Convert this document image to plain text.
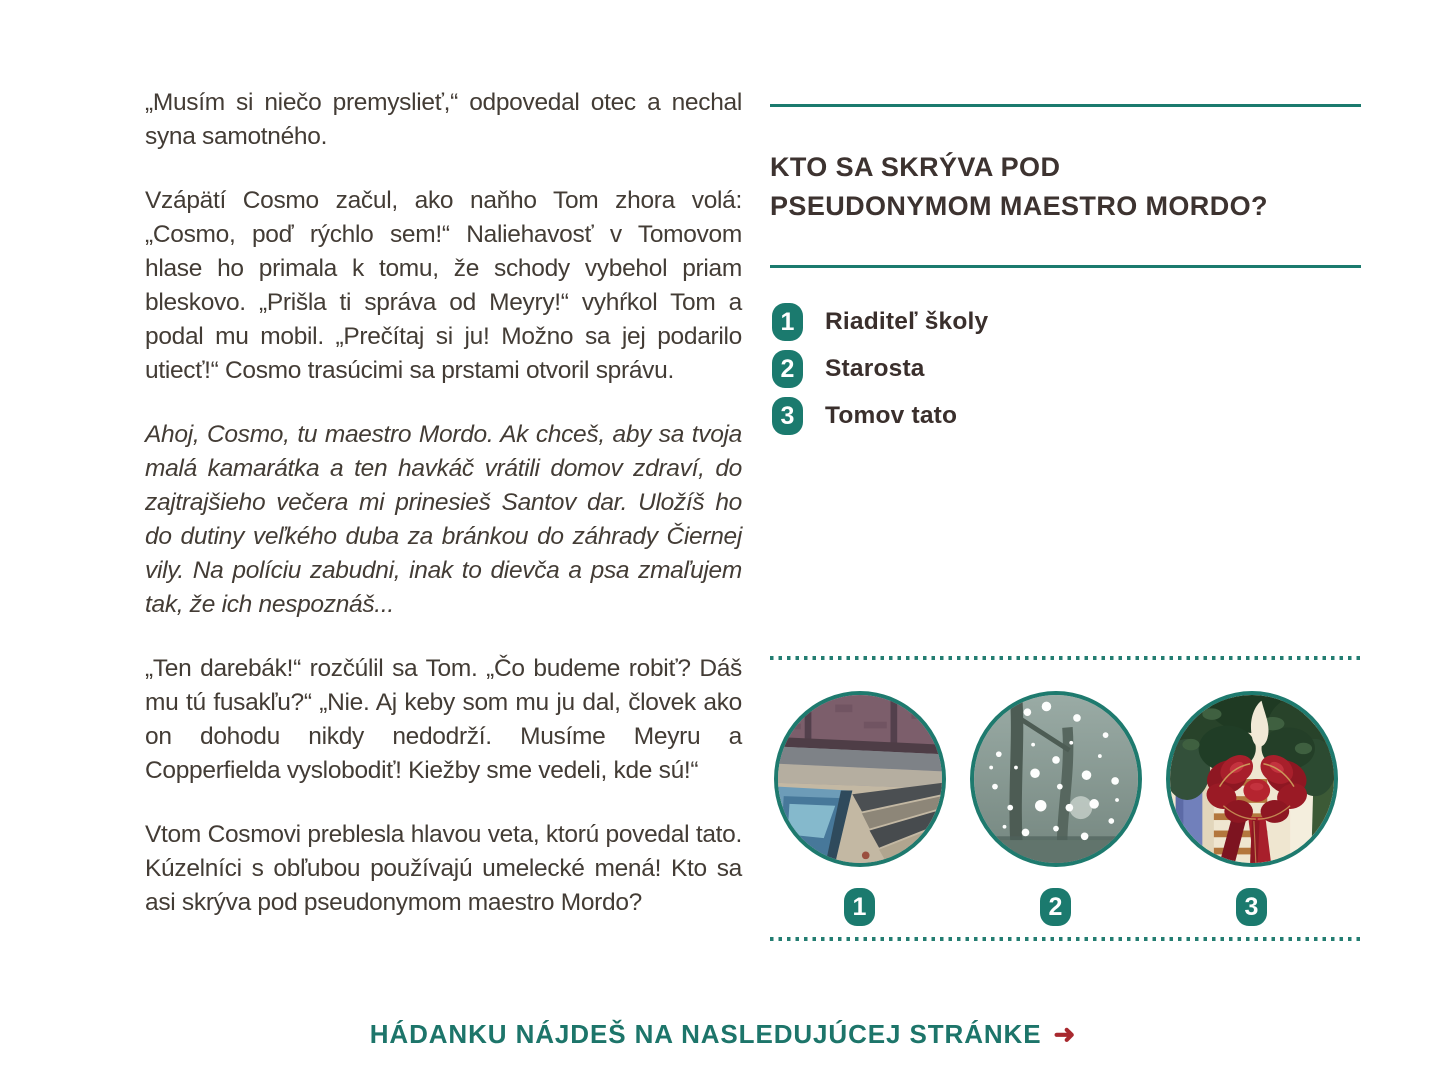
„Musím si niečo premyslieť,“ odpovedal otec a nechal syna samotného.

Vzápätí Cosmo začul, ako naňho Tom zhora volá: „Cosmo, poď rýchlo sem!“ Naliehavosť v Tomovom hlase ho primala k tomu, že schody vybehol priam bleskovo. „Prišla ti správa od Meyry!“ vyhŕkol Tom a podal mu mobil. „Prečítaj si ju! Možno sa jej podarilo utiecť!“ Cosmo trasúcimi sa prstami otvoril správu.

Ahoj, Cosmo, tu maestro Mordo. Ak chceš, aby sa tvoja malá kamarátka a ten havkáč vrátili domov zdraví, do zajtrajšieho večera mi prinesieš Santov dar. Uložíš ho do dutiny veľkého duba za bránkou do záhrady Čiernej vily. Na políciu zabudni, inak to dievča a psa zmaľujem tak, že ich nespoznáš...

„Ten darebák!“ rozčúlil sa Tom. „Čo budeme robiť? Dáš mu tú fusakľu?“ „Nie. Aj keby som mu ju dal, človek ako on dohodu nikdy nedodrží. Musíme Meyru a Copperfielda vyslobodiť! Kiežby sme vedeli, kde sú!“

Vtom Cosmovi preblesla hlavou veta, ktorú povedal tato. Kúzelníci s obľubou používajú umelecké mená! Kto sa asi skrýva pod pseudonymom maestro Mordo?

KTO SA SKRÝVA POD PSEUDONYMOM MAESTRO MORDO?
1	Riaditeľ školy
2	Starosta
3	Tomov tato
1	2	3
HÁDANKU NÁJDEŠ NA NASLEDUJÚCEJ STRÁNKE ➜
